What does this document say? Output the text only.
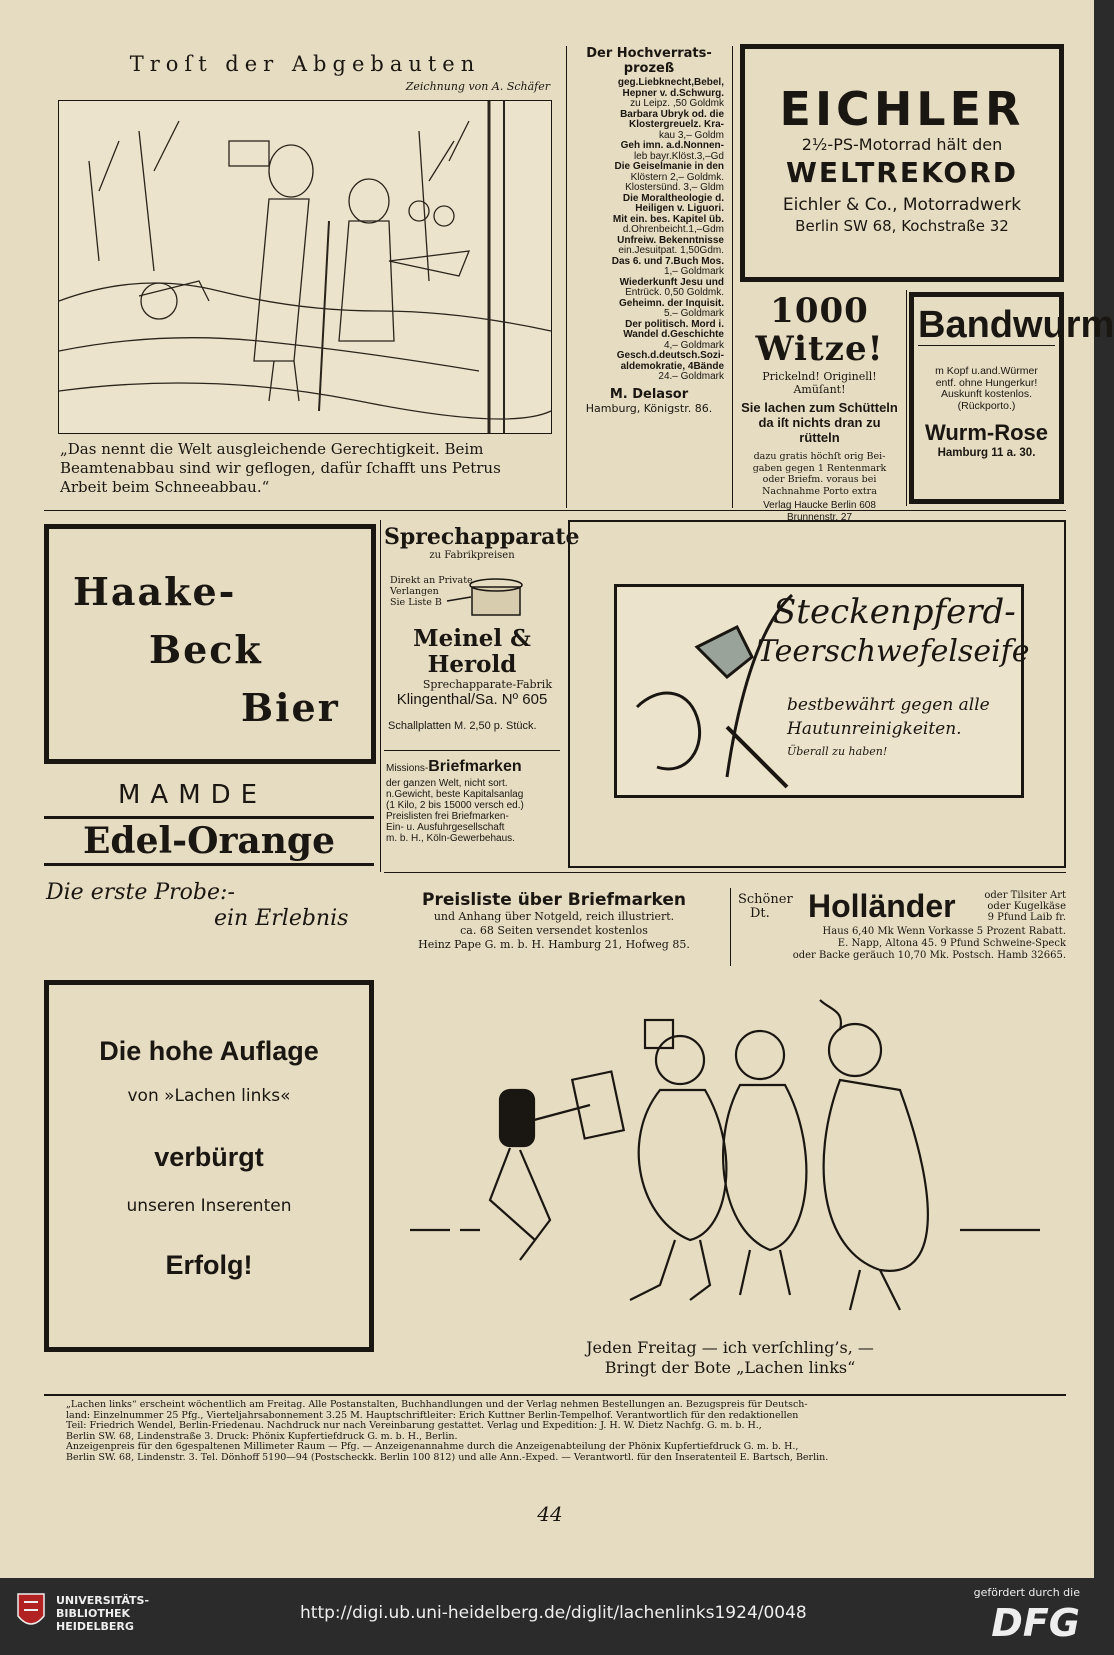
Troſt der Abgebauten
Zeichnung von A. Schäfer
„Das nennt die Welt ausgleichende Gerechtigkeit. Beim
Beamtenabbau sind wir geflogen, dafür ſchafft uns Petrus
Arbeit beim Schneeabbau.“
Der Hochverrats-
prozeß
geg.Liebknecht,Bebel,
Hepner v. d.Schwurg.
zu Leipz. ,50 Goldmk
Barbara Ubryk od. die
Klostergreuelz. Kra-
kau 3,– Goldm
Geh imn. a.d.Nonnen-
leb bayr.Klöst.3,–Gd
Die Geiselmanie in den
Klöstern 2,– Goldmk.
Klostersünd. 3,– Gldm
Die Moraltheologie d.
Heiligen v. Liguori.
Mit ein. bes. Kapitel üb.
d.Ohrenbeicht.1,–Gdm
Unfreiw. Bekenntnisse
ein.Jesuitpat. 1,50Gdm.
Das 6. und 7.Buch Mos.
1,– Goldmark
Wiederkunft Jesu und
Entrück. 0,50 Goldmk.
Geheimn. der Inquisit.
5.– Goldmark
Der politisch. Mord i.
Wandel d.Geschichte
4,– Goldmark
Gesch.d.deutsch.Sozi-
aldemokratie, 4Bände
24.– Goldmark
M. Delasor
Hamburg, Königstr. 86.
EICHLER
2½-PS-Motorrad hält den
WELTREKORD
Eichler & Co., Motorradwerk
Berlin SW 68, Kochstraße 32
1000 Witze!
Prickelnd! Originell!
Amüſant!
Sie lachen zum Schütteln
da iſt nichts dran zu
rütteln
dazu gratis höchſt orig Bei-
gaben gegen 1 Rentenmark
oder Briefm. voraus bei
Nachnahme Porto extra
Verlag Haucke Berlin 608
Brunnenstr. 27
Bandwurm
m Kopf u.and.Würmer
entf. ohne Hungerkur!
Auskunft kostenlos.
(Rückporto.)
Wurm-Rose
Hamburg 11 a. 30.
Haake-
Beck
Bier
Sprechapparate
zu Fabrikpreisen
Direkt an Private
Verlangen Sie Liste B
Meinel & Herold
Sprechapparate-Fabrik
Klingenthal/Sa. Nº 605
Schallplatten M. 2,50 p. Stück.
Steckenpferd-
Teerschwefelseife
bestbewährt gegen alle
Hautunreinigkeiten.
Überall zu haben!
Missions-Briefmarken
der ganzen Welt, nicht sort.
n.Gewicht, beste Kapitalsanlag
(1 Kilo, 2 bis 15000 versch ed.)
Preislisten frei Briefmarken-
Ein- u. Ausfuhrgesellschaft
m. b. H., Köln-Gewerbehaus.
MAMDE
Edel-Orange
Die erste Probe:-
ein Erlebnis
Preisliste über Briefmarken
und Anhang über Notgeld, reich illustriert.
ca. 68 Seiten versendet kostenlos
Heinz Pape G. m. b. H. Hamburg 21, Hofweg 85.
Schöner
Dt. Holländer	oder Tilsiter Art
oder Kugelkäse
9 Pfund Laib fr.
Haus 6,40 Mk Wenn Vorkasse 5 Prozent Rabatt.
E. Napp, Altona 45. 9 Pfund Schweine-Speck
oder Backe geräuch 10,70 Mk. Postsch. Hamb 32665.
Die hohe Auflage
von »Lachen links«
verbürgt
unseren Inserenten
Erfolg!
Jeden Freitag — ich verſchling’s, —
Bringt der Bote „Lachen links“
„Lachen links“ erscheint wöchentlich am Freitag. Alle Postanstalten, Buchhandlungen und der Verlag nehmen Bestellungen an. Bezugspreis für Deutsch-
land: Einzelnummer 25 Pfg., Vierteljahrsabonnement 3.25 M. Hauptschriftleiter: Erich Kuttner Berlin-Tempelhof. Verantwortlich für den redaktionellen
Teil: Friedrich Wendel, Berlin-Friedenau. Nachdruck nur nach Vereinbarung gestattet. Verlag und Expedition: J. H. W. Dietz Nachfg. G. m. b. H.,
Berlin SW. 68, Lindenstraße 3. Druck: Phönix Kupfertiefdruck G. m. b. H., Berlin.
Anzeigenpreis für den 6gespaltenen Millimeter Raum — Pfg. — Anzeigenannahme durch die Anzeigenabteilung der Phönix Kupfertiefdruck G. m. b. H.,
Berlin SW. 68, Lindenstr. 3. Tel. Dönhoff 5190—94 (Postscheckk. Berlin 100 812) und alle Ann.-Exped. — Verantwortl. für den Inseratenteil E. Bartsch, Berlin.
44
UNIVERSITÄTS-
BIBLIOTHEK
HEIDELBERG
http://digi.ub.uni-heidelberg.de/diglit/lachenlinks1924/0048
gefördert durch die
DFG
